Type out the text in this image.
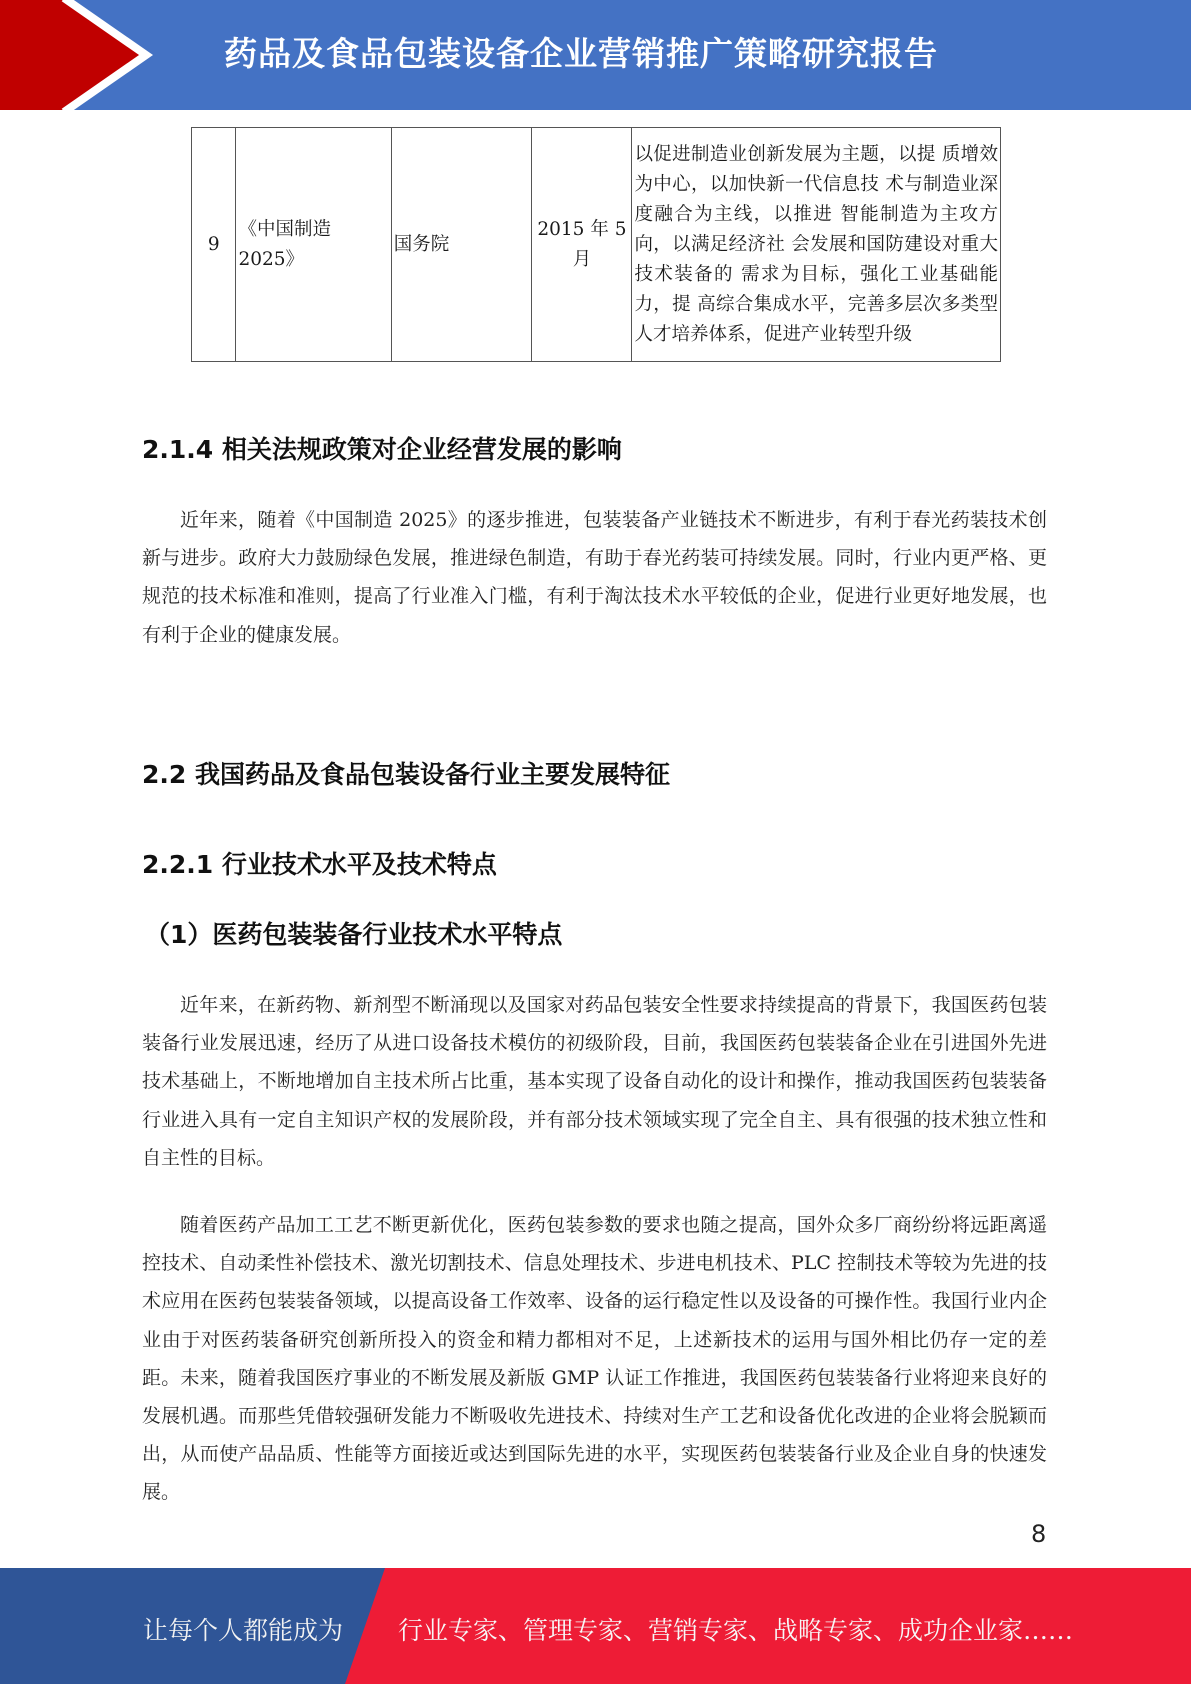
药品及食品包装设备企业营销推广策略研究报告
9	《中国制造 2025》	国务院	2015 年 5月	以促进制造业创新发展为主题，以提 质增效为中心，以加快新一代信息技 术与制造业深度融合为主线，以推进 智能制造为主攻方向，以满足经济社 会发展和国防建设对重大技术装备的 需求为目标，强化工业基础能力，提 高综合集成水平，完善多层次多类型 人才培养体系，促进产业转型升级
2.1.4 相关法规政策对企业经营发展的影响
近年来，随着《中国制造 2025》的逐步推进，包装装备产业链技术不断进步，有利于春光药装技术创新与进步。政府大力鼓励绿色发展，推进绿色制造，有助于春光药装可持续发展。同时，行业内更严格、更规范的技术标准和准则，提高了行业准入门槛，有利于淘汰技术水平较低的企业，促进行业更好地发展，也有利于企业的健康发展。
2.2 我国药品及食品包装设备行业主要发展特征
2.2.1 行业技术水平及技术特点
（1）医药包装装备行业技术水平特点
近年来，在新药物、新剂型不断涌现以及国家对药品包装安全性要求持续提高的背景下，我国医药包装装备行业发展迅速，经历了从进口设备技术模仿的初级阶段，目前，我国医药包装装备企业在引进国外先进技术基础上，不断地增加自主技术所占比重，基本实现了设备自动化的设计和操作，推动我国医药包装装备行业进入具有一定自主知识产权的发展阶段，并有部分技术领域实现了完全自主、具有很强的技术独立性和自主性的目标。
随着医药产品加工工艺不断更新优化，医药包装参数的要求也随之提高，国外众多厂商纷纷将远距离遥控技术、自动柔性补偿技术、激光切割技术、信息处理技术、步进电机技术、PLC 控制技术等较为先进的技术应用在医药包装装备领域，以提高设备工作效率、设备的运行稳定性以及设备的可操作性。我国行业内企业由于对医药装备研究创新所投入的资金和精力都相对不足，上述新技术的运用与国外相比仍存一定的差距。未来，随着我国医疗事业的不断发展及新版 GMP 认证工作推进，我国医药包装装备行业将迎来良好的发展机遇。而那些凭借较强研发能力不断吸收先进技术、持续对生产工艺和设备优化改进的企业将会脱颖而出，从而使产品品质、性能等方面接近或达到国际先进的水平，实现医药包装装备行业及企业自身的快速发展。
8
让每个人都能成为 行业专家、管理专家、营销专家、战略专家、成功企业家……
